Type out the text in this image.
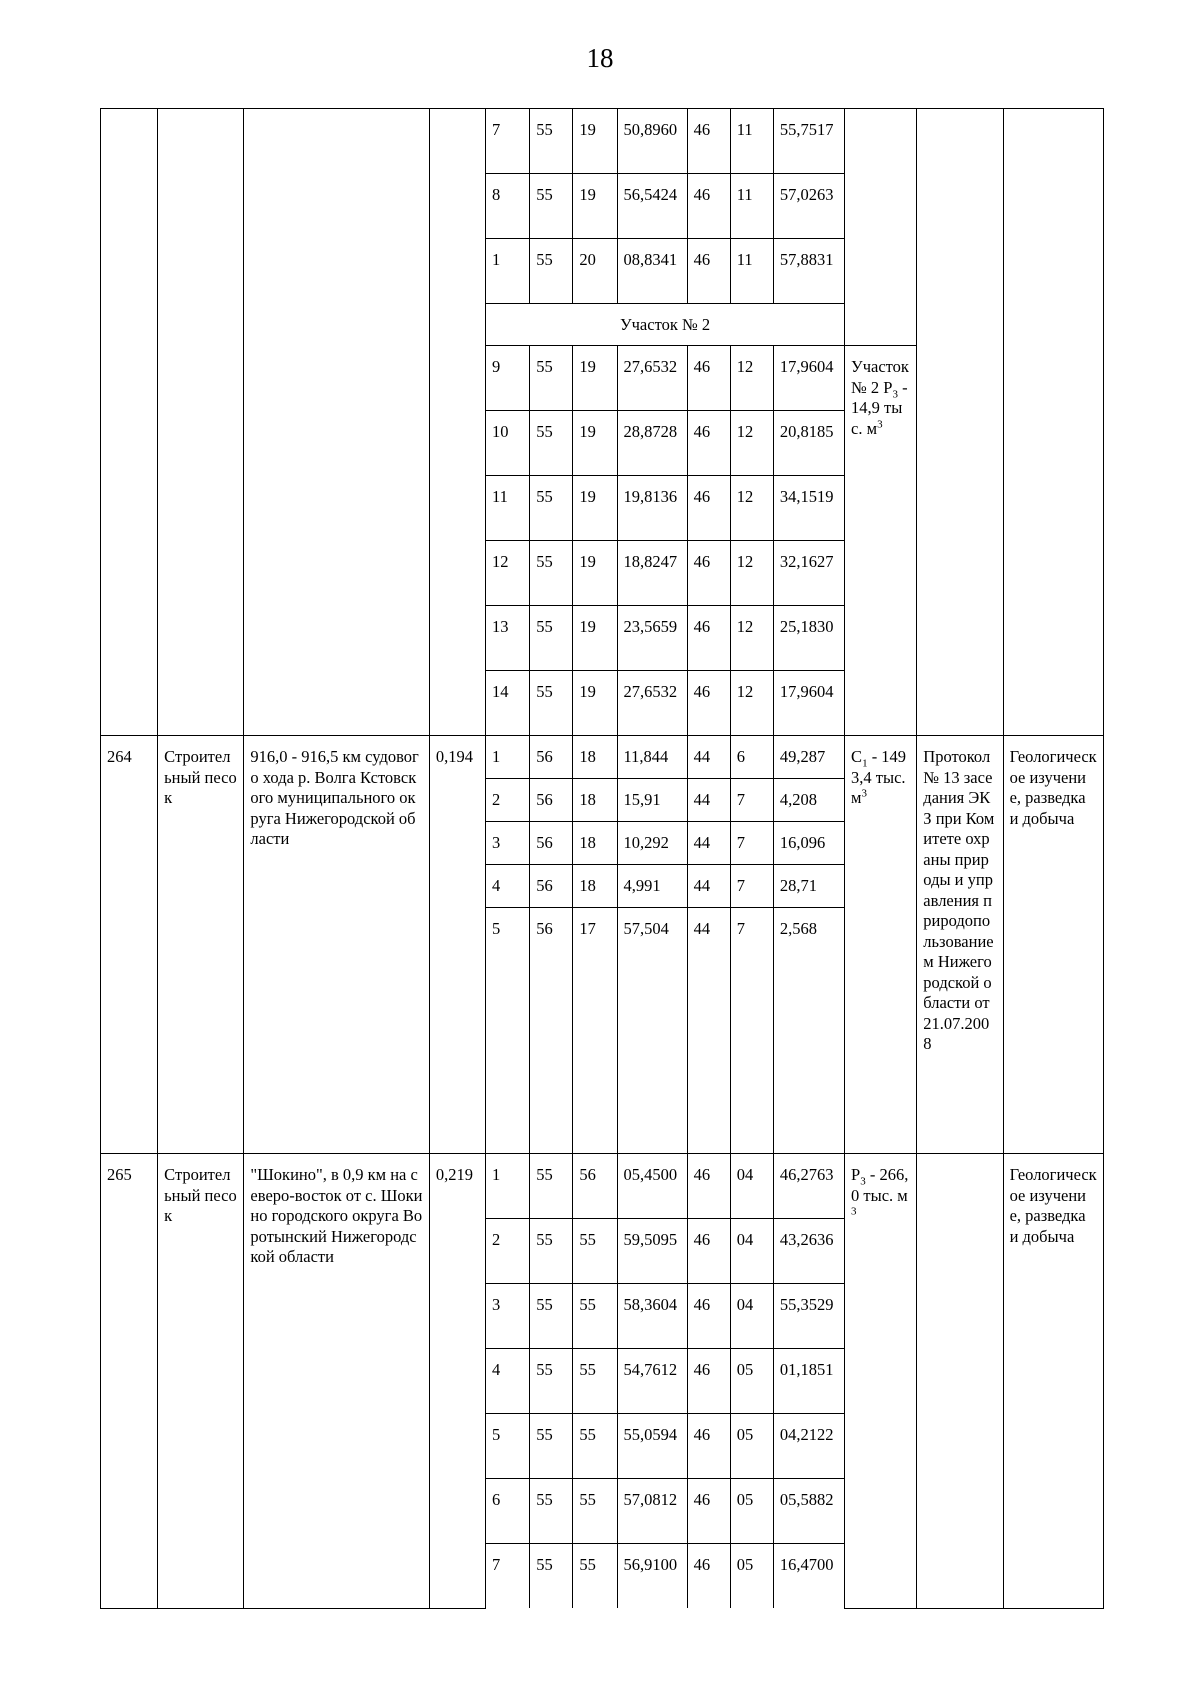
18
				7	55	19	50,8960	46	11	55,7517			
				8	55	19	56,5424	46	11	57,0263			
				1	55	20	08,8341	46	11	57,8831			
				Участок № 2									
				9	55	19	27,6532	46	12	17,9604	Участок № 2 $Р_3 - 14,9$ тыс. $м^3$
				10	55	19	28,8728	46	12	20,8185			
				11	55	19	19,8136	46	12	34,1519			
				12	55	19	18,8247	46	12	32,1627			
				13	55	19	23,5659	46	12	25,1830			
				14	55	19	27,6532	46	12	17,9604			
264	Строительный песок	916,0 - 916,5 км судового хода р. Волга Кстовского муниципального округа Нижегородской области	0,194	1	56	18	11,844	44	6	49,287	$С_1 - 1493,4$ тыс. $м^3$	Протокол № 13 заседания ЭКЗ при Комитете охраны природы и управления природопользованием Нижегородской области от 21.07.2008	Геологическое изучение, разведка и добыча
				2	56	18	15,91	44	7	4,208			
				3	56	18	10,292	44	7	16,096			
				4	56	18	4,991	44	7	28,71			
				5	56	17	57,504	44	7	2,568			
265	Строительный песок	"Шокино", в 0,9 км на северо-восток от с. Шокино городского округа Воротынский Нижегородской области	0,219	1	55	56	05,4500	46	04	46,2763	$Р_3 - 266,0$ тыс. $м^3$		Геологическое изучение, разведка и добыча
				2	55	55	59,5095	46	04	43,2636			
				3	55	55	58,3604	46	04	55,3529			
				4	55	55	54,7612	46	05	01,1851			
				5	55	55	55,0594	46	05	04,2122			
				6	55	55	57,0812	46	05	05,5882			
				7	55	55	56,9100	46	05	16,4700			
